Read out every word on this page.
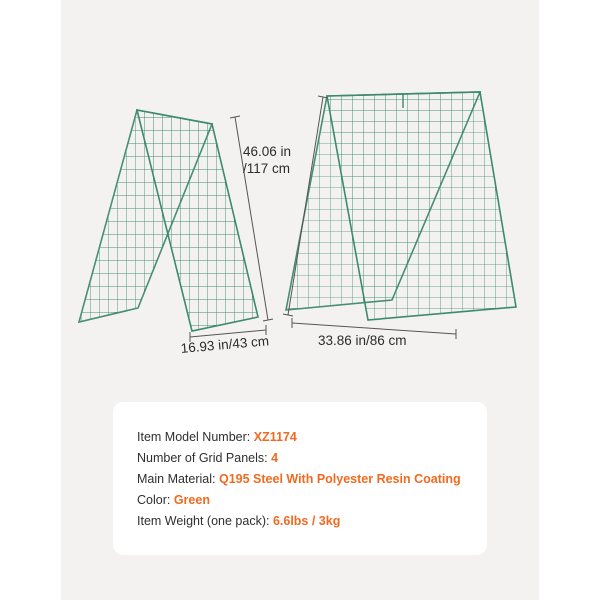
46.06 in /117 cm
16.93 in/43 cm	33.86 in/86 cm
Item Model Number: XZ1174
Number of Grid Panels: 4
Main Material: Q195 Steel With Polyester Resin Coating
Color: Green
Item Weight (one pack): 6.6lbs / 3kg
